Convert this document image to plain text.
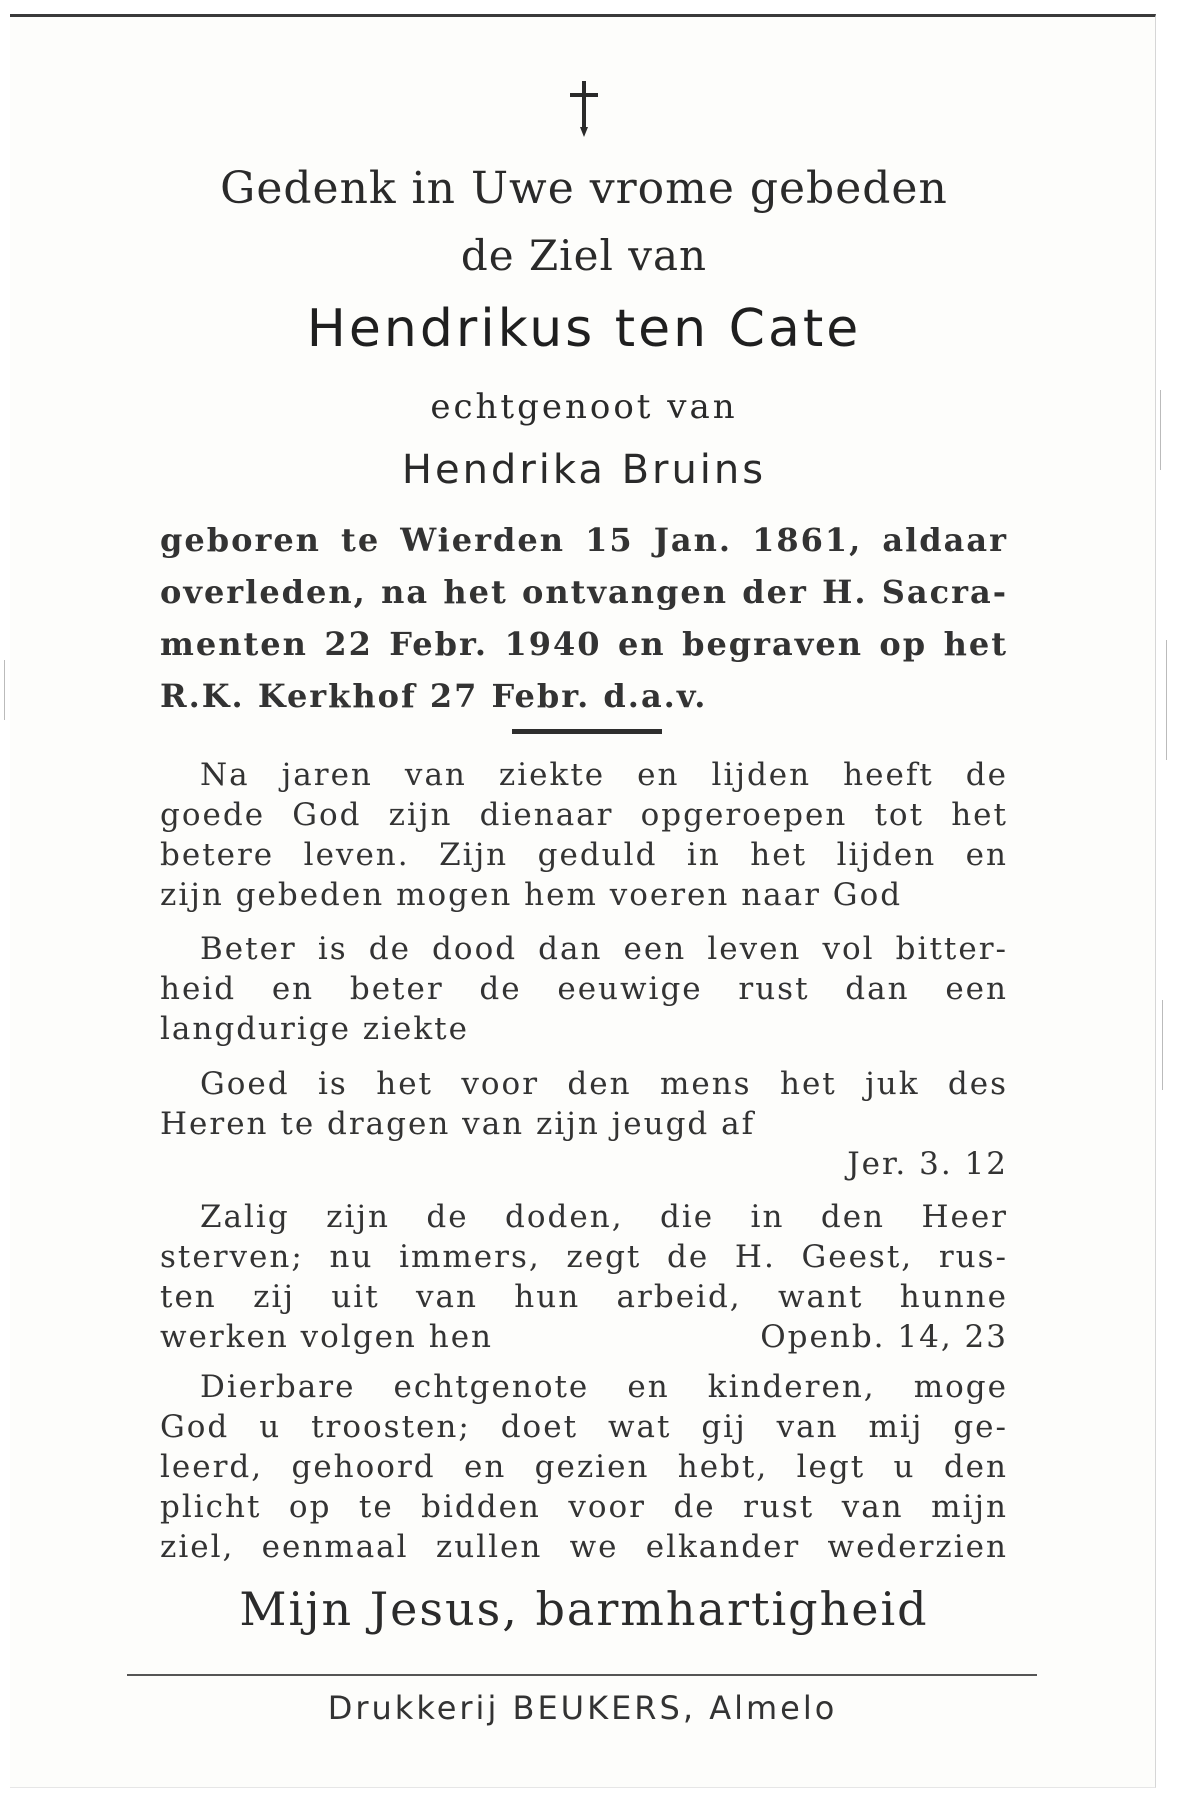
Gedenk in Uwe vrome gebeden
de Ziel van
Hendrikus ten Cate
echtgenoot van
Hendrika Bruins
geboren te Wierden 15 Jan. 1861, aldaar
overleden, na het ontvangen der H. Sacra-
menten 22 Febr. 1940 en begraven op het
R.K. Kerkhof 27 Febr. d.a.v.
Na jaren van ziekte en lijden heeft de
goede God zijn dienaar opgeroepen tot het
betere leven. Zijn geduld in het lijden en
zijn gebeden mogen hem voeren naar God
Beter is de dood dan een leven vol bitter-
heid en beter de eeuwige rust dan een
langdurige ziekte
Goed is het voor den mens het juk des
Heren te dragen van zijn jeugd af
Jer. 3. 12
Zalig zijn de doden, die in den Heer
sterven; nu immers, zegt de H. Geest, rus-
ten zij uit van hun arbeid, want hunne
werken volgen hen	Openb. 14, 23
Dierbare echtgenote en kinderen, moge
God u troosten; doet wat gij van mij ge-
leerd, gehoord en gezien hebt, legt u den
plicht op te bidden voor de rust van mijn
ziel, eenmaal zullen we elkander wederzien
Mijn Jesus, barmhartigheid
Drukkerij BEUKERS, Almelo
